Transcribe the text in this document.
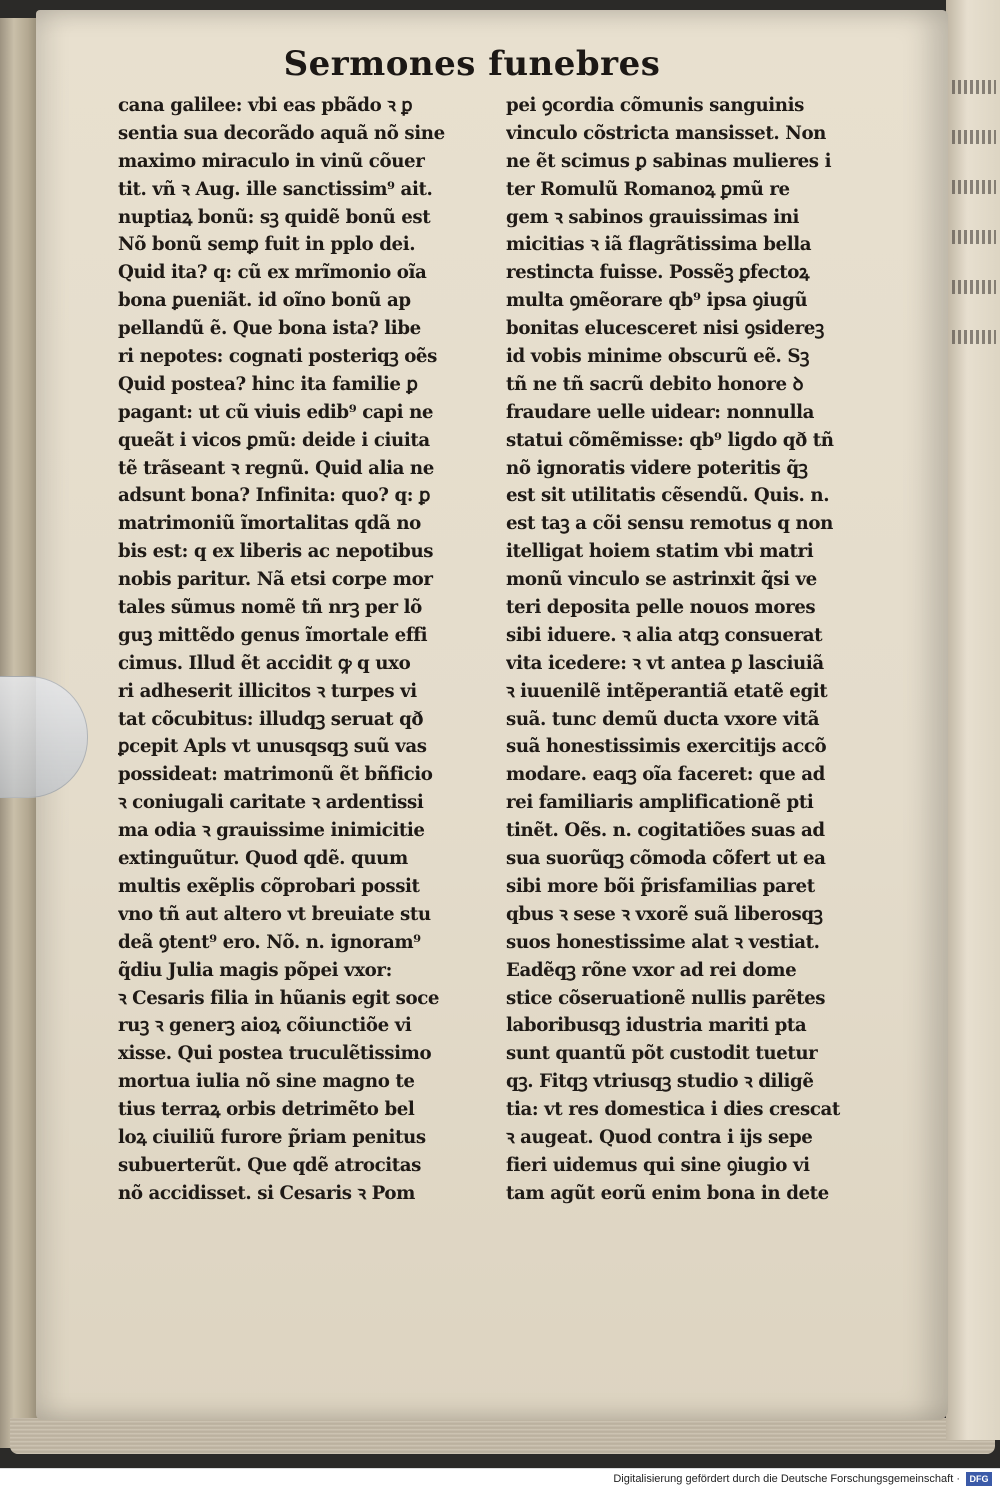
Sermones funebres
cana galilee: vbi eas pbãdo ꝛ ꝑ
sentia sua decorãdo aquã nõ sine
maximo miraculo in vinũ cõuer
tit. vñ ꝛ Aug. ille sanctissim⁹ ait.
nuptiaꝝ bonũ: sꝫ quidẽ bonũ est
Nõ bonũ semꝑ fuit in pplo dei.
Quid ita? q: cũ ex mrĩmonio oĩa
bona ꝑueniãt. id oĩno bonũ ap
pellandũ ẽ. Que bona ista? libe
ri nepotes: cognati posteriqꝫ oẽs
Quid postea? hinc ita familie ꝑ
pagant: ut cũ viuis edib⁹ capi ne
queãt i vicos ꝑmũ: deide i ciuita
tẽ trãseant ꝛ regnũ. Quid alia ne
adsunt bona? Infinita: quo? q: ꝑ
matrimoniũ ĩmortalitas qdã no
bis est: q ex liberis ac nepotibus
nobis paritur. Nã etsi corpe mor
tales sũmus nomẽ tñ nrꝫ per lõ
guꝫ mittẽdo genus ĩmortale effi
cimus. Illud ẽt accidit ꝙ q uxo
ri adheserit illicitos ꝛ turpes vi
tat cõcubitus: illudqꝫ seruat qð
ꝑcepit Apls vt unusqsqꝫ suũ vas
possideat: matrimonũ ẽt bñficio
ꝛ coniugali caritate ꝛ ardentissi
ma odia ꝛ grauissime inimicitie
extinguũtur. Quod qdẽ. quum
multis exẽplis cõprobari possit
vno tñ aut altero vt breuiate stu
deã ꝯtent⁹ ero. Nõ. n. ignoram⁹
q̃diu Julia magis põpei vxor:
ꝛ Cesaris filia in hũanis egit soce
ruꝫ ꝛ generꝫ aioꝝ cõiunctiõe vi
xisse. Qui postea truculẽtissimo
mortua iulia nõ sine magno te
tius terraꝝ orbis detrimẽto bel
loꝝ ciuiliũ furore p̃riam penitus
subuerterũt. Que qdẽ atrocitas
nõ accidisset. si Cesaris ꝛ Pom
pei ꝯcordia cõmunis sanguinis
vinculo cõstricta mansisset. Non
ne ẽt scimus ꝑ sabinas mulieres i
ter Romulũ Romanoꝝ ꝑmũ re
gem ꝛ sabinos grauissimas ini
micitias ꝛ iã flagrãtissima bella
restincta fuisse. Possẽꝫ ꝑfectoꝝ
multa ꝯmẽorare qb⁹ ipsa ꝯiugũ
bonitas elucesceret nisi ꝯsidereꝫ
id vobis minime obscurũ eẽ. Sꝫ
tñ ne tñ sacrũ debito honore ꝺ
fraudare uelle uidear: nonnulla
statui cõmẽmisse: qb⁹ ligdo qð tñ
nõ ignoratis videre poteritis q̃ꝫ
est sit utilitatis cẽsendũ. Quis. n.
est taꝫ a cõi sensu remotus q non
itelligat hoiem statim vbi matri
monũ vinculo se astrinxit q̃si ve
teri deposita pelle nouos mores
sibi iduere. ꝛ alia atqꝫ consuerat
vita icedere: ꝛ vt antea ꝑ lasciuiã
ꝛ iuuenilẽ intẽperantiã etatẽ egit
suã. tunc demũ ducta vxore vitã
suã honestissimis exercitijs accõ
modare. eaqꝫ oĩa faceret: que ad
rei familiaris amplificationẽ pti
tinẽt. Oẽs. n. cogitatiões suas ad
sua suorũqꝫ cõmoda cõfert ut ea
sibi more bõi p̃risfamilias paret
qbus ꝛ sese ꝛ vxorẽ suã liberosqꝫ
suos honestissime alat ꝛ vestiat.
Eadẽqꝫ rõne vxor ad rei dome
stice cõseruationẽ nullis parẽtes
laboribusqꝫ idustria mariti pta
sunt quantũ põt custodit tuetur
qꝫ. Fitqꝫ vtriusqꝫ studio ꝛ diligẽ
tia: vt res domestica i dies crescat
ꝛ augeat. Quod contra i ijs sepe
fieri uidemus qui sine ꝯiugio vi
tam agũt eorũ enim bona in dete
Digitalisierung gefördert durch die Deutsche Forschungsgemeinschaft ·	DFG
